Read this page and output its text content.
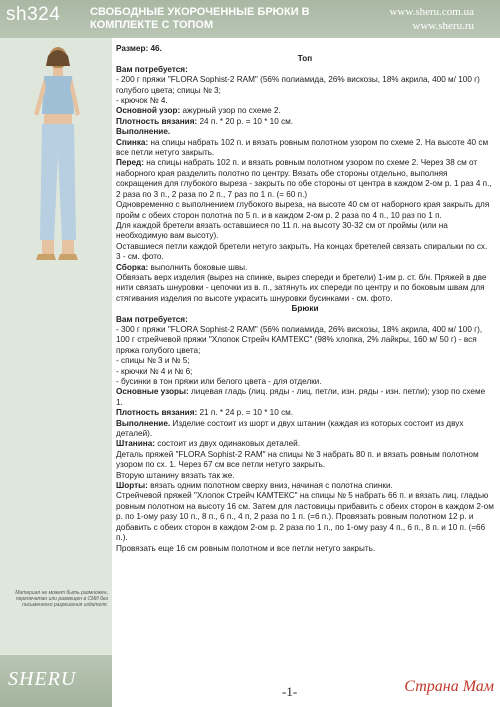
sh324	СВОБОДНЫЕ УКОРОЧЕННЫЕ БРЮКИ В
КОМПЛЕКТЕ С ТОПОМ
www.sheru.com.ua
www.sheru.ru
Материал не может быть размножен, перепечатан или размещен в СМИ без письменного разрешения издателя.
SHERU

Размер: 46.

Топ

Вам потребуется:

- 200 г пряжи "FLORA Sophist-2 RAM" (56% полиамида, 26% вискозы, 18% акрила, 400 м/ 100 г) голубого цвета; спицы № 3;

- крючок № 4.

Основной узор: ажурный узор по схеме 2.

Плотность вязания: 24 п. * 20 р. = 10 * 10 см.

Выполнение.

Спинка: на спицы набрать 102 п. и вязать ровным полотном узором по схеме 2. На высоте 40 см все петли нетугo закрыть.

Перед: на спицы набрать 102 п. и вязать ровным полотном узором по схеме 2. Через 38 см от наборного края разделить полотно по центру. Вязать обе стороны отдельно, выполняя сокращения для глубокого выреза - закрыть по обе стороны от центра в каждом 2-ом р. 1 раз 4 п., 2 раза по 3 п., 2 раза по 2 п., 7 раз по 1 п. (= 60 п.)

Одновременно с выполнением глубокого выреза, на высоте 40 см от наборного края закрыть для пройм с обеих сторон полотна по 5 п. и в каждом 2-ом р. 2 раза по 4 п., 10 раз по 1 п.

Для каждой бретели вязать оставшиеся по 11 п. на высоту 30-32 см от проймы (или на необходимую вам высоту).

Оставшиеся петли каждой бретели нетугo закрыть. На концах бретелей связать спиральки по сх. 3 - см. фото.

Сборка: выполнить боковые швы.

Обвязать верх изделия (вырез на спинке, вырез спереди и бретели) 1-им р. ст. б/н. Пряжей в две нити связать шнуровки - цепочки из в. п., затянуть их спереди по центру и по боковым швам для стягивания изделия по высоте украсить шнуровки бусинками - см. фото.

Брюки

Вам потребуется:

- 300 г пряжи "FLORA Sophist-2 RAM" (56% полиамида, 26% вискозы, 18% акрила, 400 м/ 100 г), 100 г стрейчевой пряжи "Хлопок Стрейч КАМТЕКС" (98% хлопка, 2% лайкры, 160 м/ 50 г) - вся пряжа голубого цвета;

- спицы № 3 и № 5;

- крючки № 4 и № 6;

- бусинки в тон пряжи или белого цвета - для отделки.

Основные узоры: лицевая гладь (лиц. ряды - лиц. петли, изн. ряды - изн. петли); узор по схеме 1.

Плотность вязания: 21 п. * 24 р. = 10 * 10 см.

Выполнение. Изделие состоит из шорт и двух штанин (каждая из которых состоит из двух деталей).

Штанина: состоит из двух одинаковых деталей.

Деталь пряжей "FLORA Sophist-2 RAM" на спицы № 3 набрать 80 п. и вязать ровным полотном узором по сх. 1. Через 67 см все петли нетугo закрыть.

Вторую штанину вязать так же.

Шорты: вязать одним полотном сверху вниз, начиная с полотна спинки.

Стрейчевой пряжей "Хлопок Стрейч КАМТЕКС" на спицы № 5 набрать 66 п. и вязать лиц. гладью ровным полотном на высоту 16 см. Затем для ластовицы прибавить с обеих сторон в каждом 2-ом р. по 1-ому разу 10 п., 8 п., 6 п., 4 п, 2 раза по 1 п. (=6 п.). Провязать ровным полотном 12 р. и добавить с обеих сторон в каждом 2-ом р. 2 раза по 1 п., по 1-ому разу 4 п., 6 п., 8 п. и 10 п. (=66 п.).

Провязать еще 16 см ровным полотном и все петли нетугo закрыть.

-1-	Страна Мам
